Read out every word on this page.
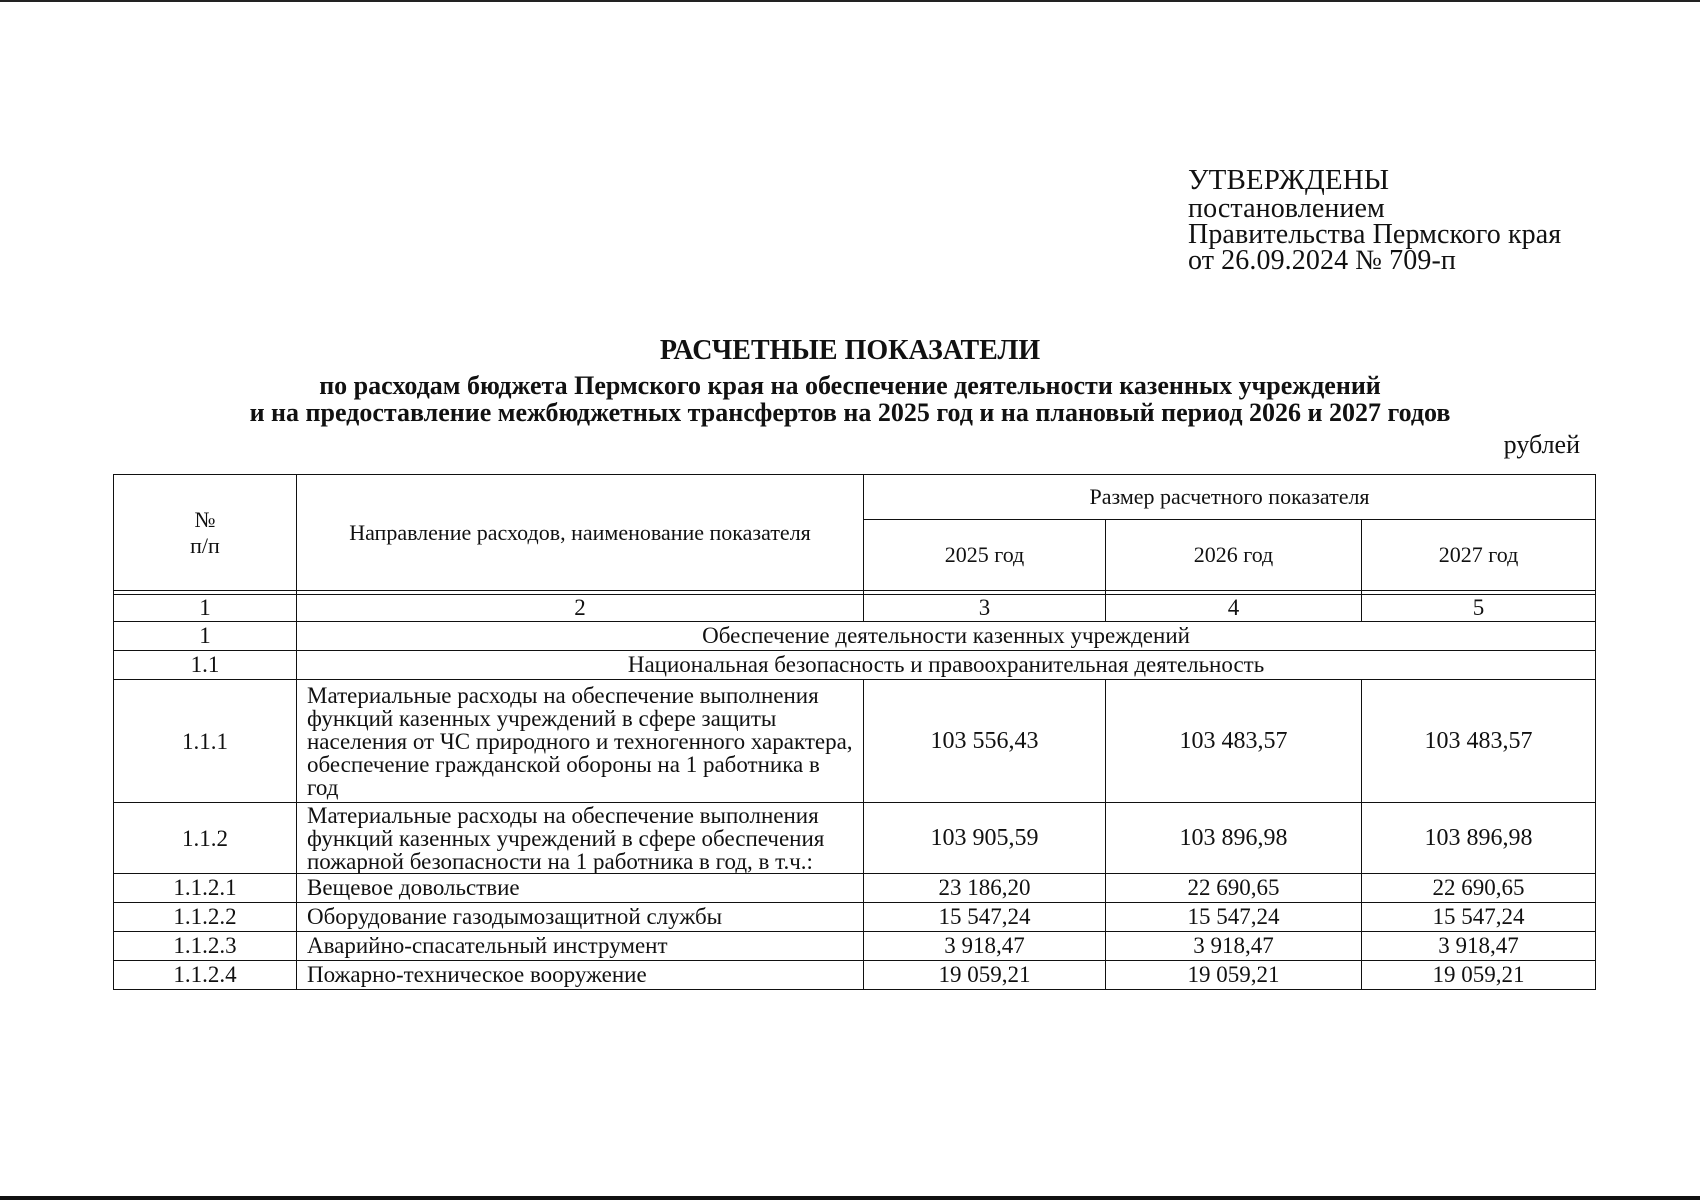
УТВЕРЖДЕНЫ
постановлением
Правительства Пермского края
от 26.09.2024 № 709-п
РАСЧЕТНЫЕ ПОКАЗАТЕЛИ
по расходам бюджета Пермского края на обеспечение деятельности казенных учреждений
и на предоставление межбюджетных трансфертов на 2025 год и на плановый период 2026 и 2027 годов
рублей
№
п/п	Направление расходов, наименование показателя	Размер расчетного показателя		
		2025 год	2026 год	2027 год

1	2	3	4	5
1	Обеспечение деятельности казенных учреждений			
1.1	Национальная безопасность и правоохранительная деятельность			
1.1.1	Материальные расходы на обеспечение выполнения функций казенных учреждений в сфере защиты населения от ЧС природного и техногенного характера, обеспечение гражданской обороны на 1 работника в год	103 556,43	103 483,57	103 483,57
1.1.2	Материальные расходы на обеспечение выполнения функций казенных учреждений в сфере обеспечения пожарной безопасности на 1 работника в год, в т.ч.:	103 905,59	103 896,98	103 896,98
1.1.2.1	Вещевое довольствие	23 186,20	22 690,65	22 690,65
1.1.2.2	Оборудование газодымозащитной службы	15 547,24	15 547,24	15 547,24
1.1.2.3	Аварийно-спасательный инструмент	3 918,47	3 918,47	3 918,47
1.1.2.4	Пожарно-техническое вооружение	19 059,21	19 059,21	19 059,21
